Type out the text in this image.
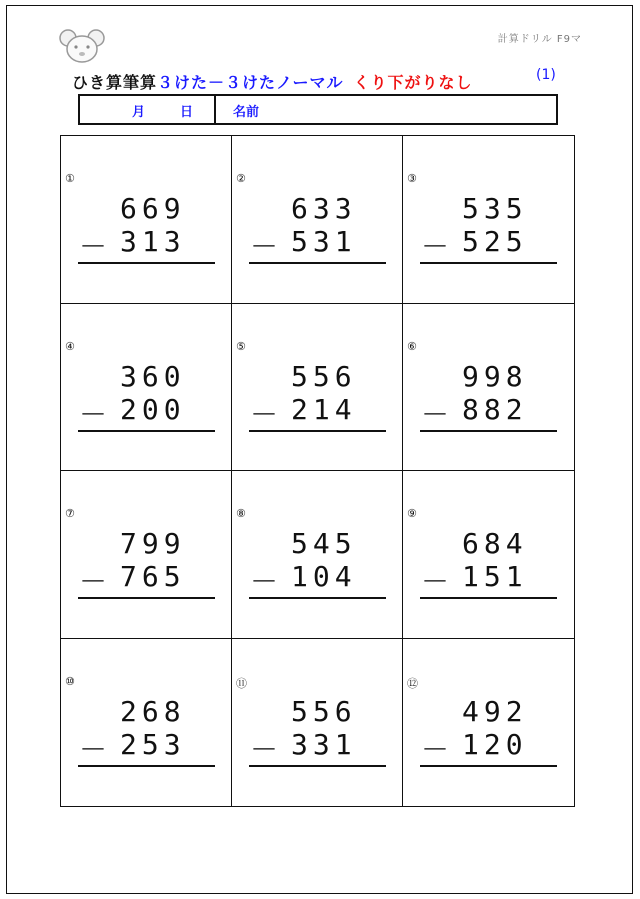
計算ドリル F9マ
ひき算筆算３けた－３けたノーマル くり下がりなし	(1)
月	日	名前
①
669
－ 313
②
633
－ 531
③
535
－ 525
④
360
－ 200
⑤
556
－ 214
⑥
998
－ 882
⑦
799
－ 765
⑧
545
－ 104
⑨
684
－ 151
⑩
268
－ 253
⑪
556
－ 331
⑫
492
－ 120
